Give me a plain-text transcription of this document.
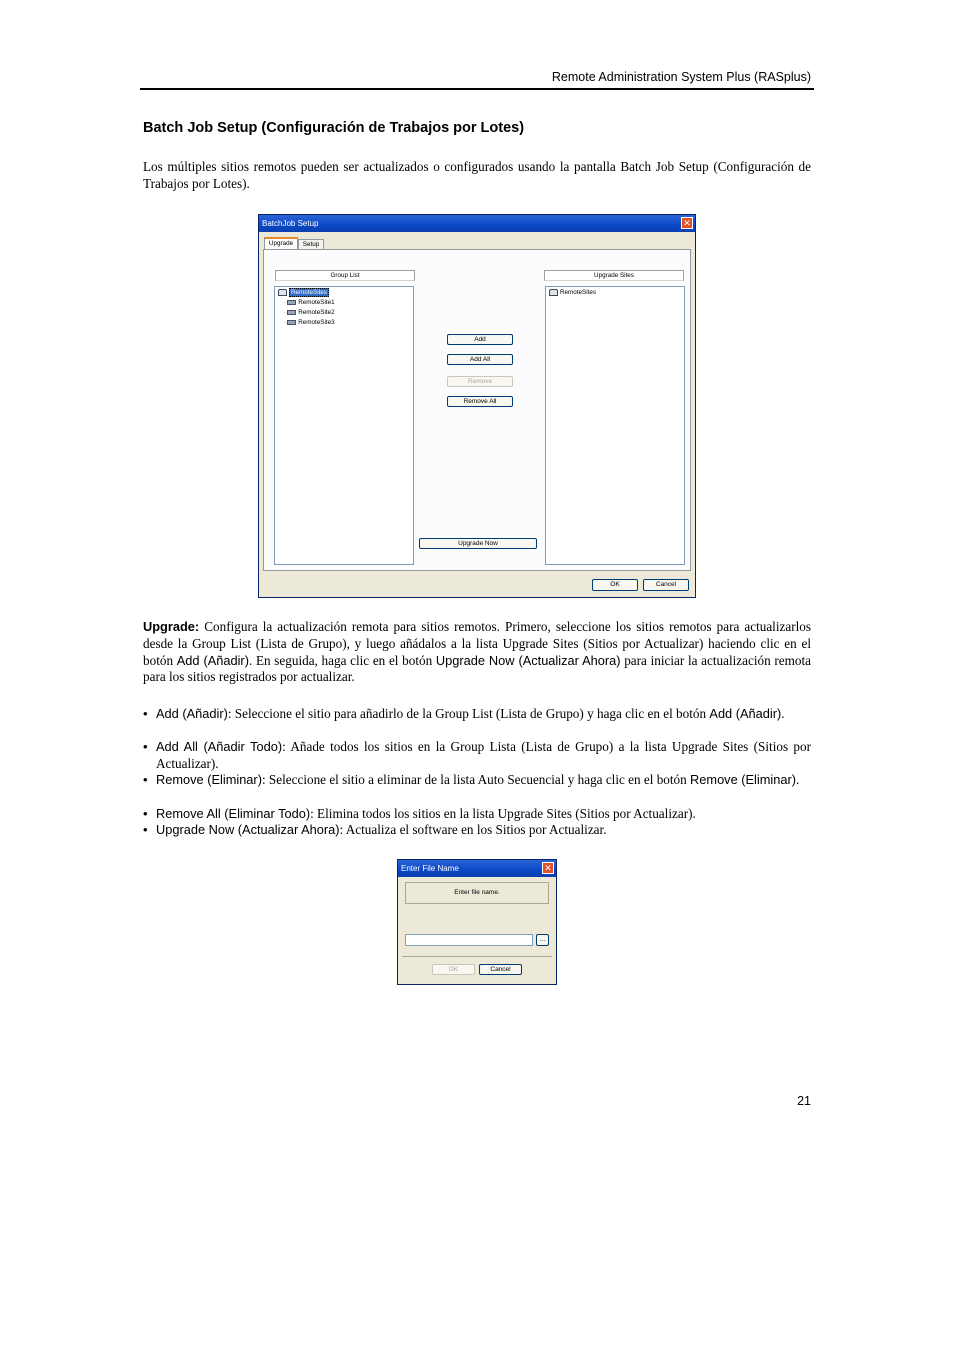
Remote Administration System Plus (RASplus)
Batch Job Setup (Configuración de Trabajos por Lotes)
Los múltiples sitios remotos pueden ser actualizados o configurados usando la pantalla Batch Job Setup (Configuración de Trabajos por Lotes).
BatchJob Setup	✕
Upgrade	Setup
Group List
RemoteSites
·· RemoteSite1
·· RemoteSite2
·· RemoteSite3
Add
Add All
Remove
Remove All
Upgrade Now
Upgrade Sites
RemoteSites
OK	Cancel
Upgrade: Configura la actualización remota para sitios remotos. Primero, seleccione los sitios remotos para actualizarlos desde la Group List (Lista de Grupo), y luego añádalos a la lista Upgrade Sites (Sitios por Actualizar) haciendo clic en el botón Add (Añadir). En seguida, haga clic en el botón Upgrade Now (Actualizar Ahora) para iniciar la actualización remota para los sitios registrados por actualizar.
• Add (Añadir): Seleccione el sitio para añadirlo de la Group List (Lista de Grupo) y haga clic en el botón Add (Añadir).
• Add All (Añadir Todo): Añade todos los sitios en la Group Lista (Lista de Grupo) a la lista Upgrade Sites (Sitios por Actualizar).
• Remove (Eliminar): Seleccione el sitio a eliminar de la lista Auto Secuencial y haga clic en el botón Remove (Eliminar).
• Remove All (Eliminar Todo): Elimina todos los sitios en la lista Upgrade Sites (Sitios por Actualizar).
• Upgrade Now (Actualizar Ahora): Actualiza el software en los Sitios por Actualizar.
Enter File Name	✕
Enter file name.
...
OK	Cancel
21
